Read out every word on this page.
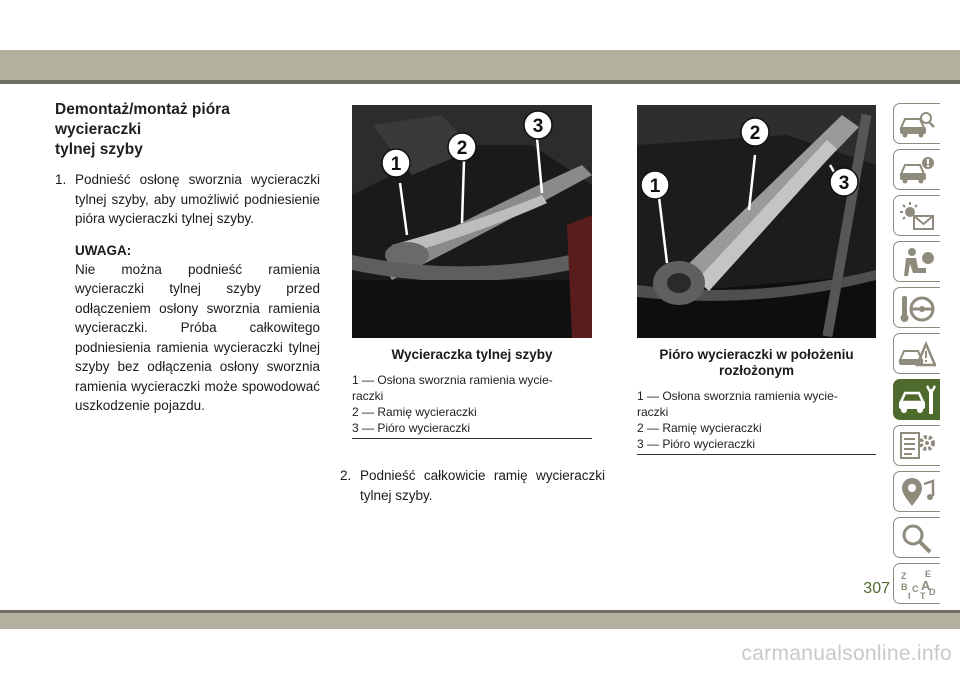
Demontaż/montaż pióra wycieraczki
tylnej szyby
1. Podnieść osłonę sworznia wycieraczki tylnej szyby, aby umożliwić podniesienie pióra wycieraczki tylnej szyby.
UWAGA:
Nie można podnieść ramienia wycieraczki tylnej szyby przed odłączeniem osłony sworznia ramienia wycieraczki. Próba całkowitego podniesienia ramienia wycieraczki tylnej szyby bez odłączenia osłony sworznia ramienia wycieraczki może spowodować uszkodzenie pojazdu.
1
2
3
Wycieraczka tylnej szyby
1 — Osłona sworznia ramienia wycie-
raczki
2 — Ramię wycieraczki
3 — Pióro wycieraczki
2. Podnieść całkowicie ramię wycieraczki tylnej szyby.
1
2
3
Pióro wycieraczki w położeniu
rozłożonym
1 — Osłona sworznia ramienia wycie-
raczki
2 — Ramię wycieraczki
3 — Pióro wycieraczki
Z E
B A
I
C
T D
307
carmanualsonline.info
